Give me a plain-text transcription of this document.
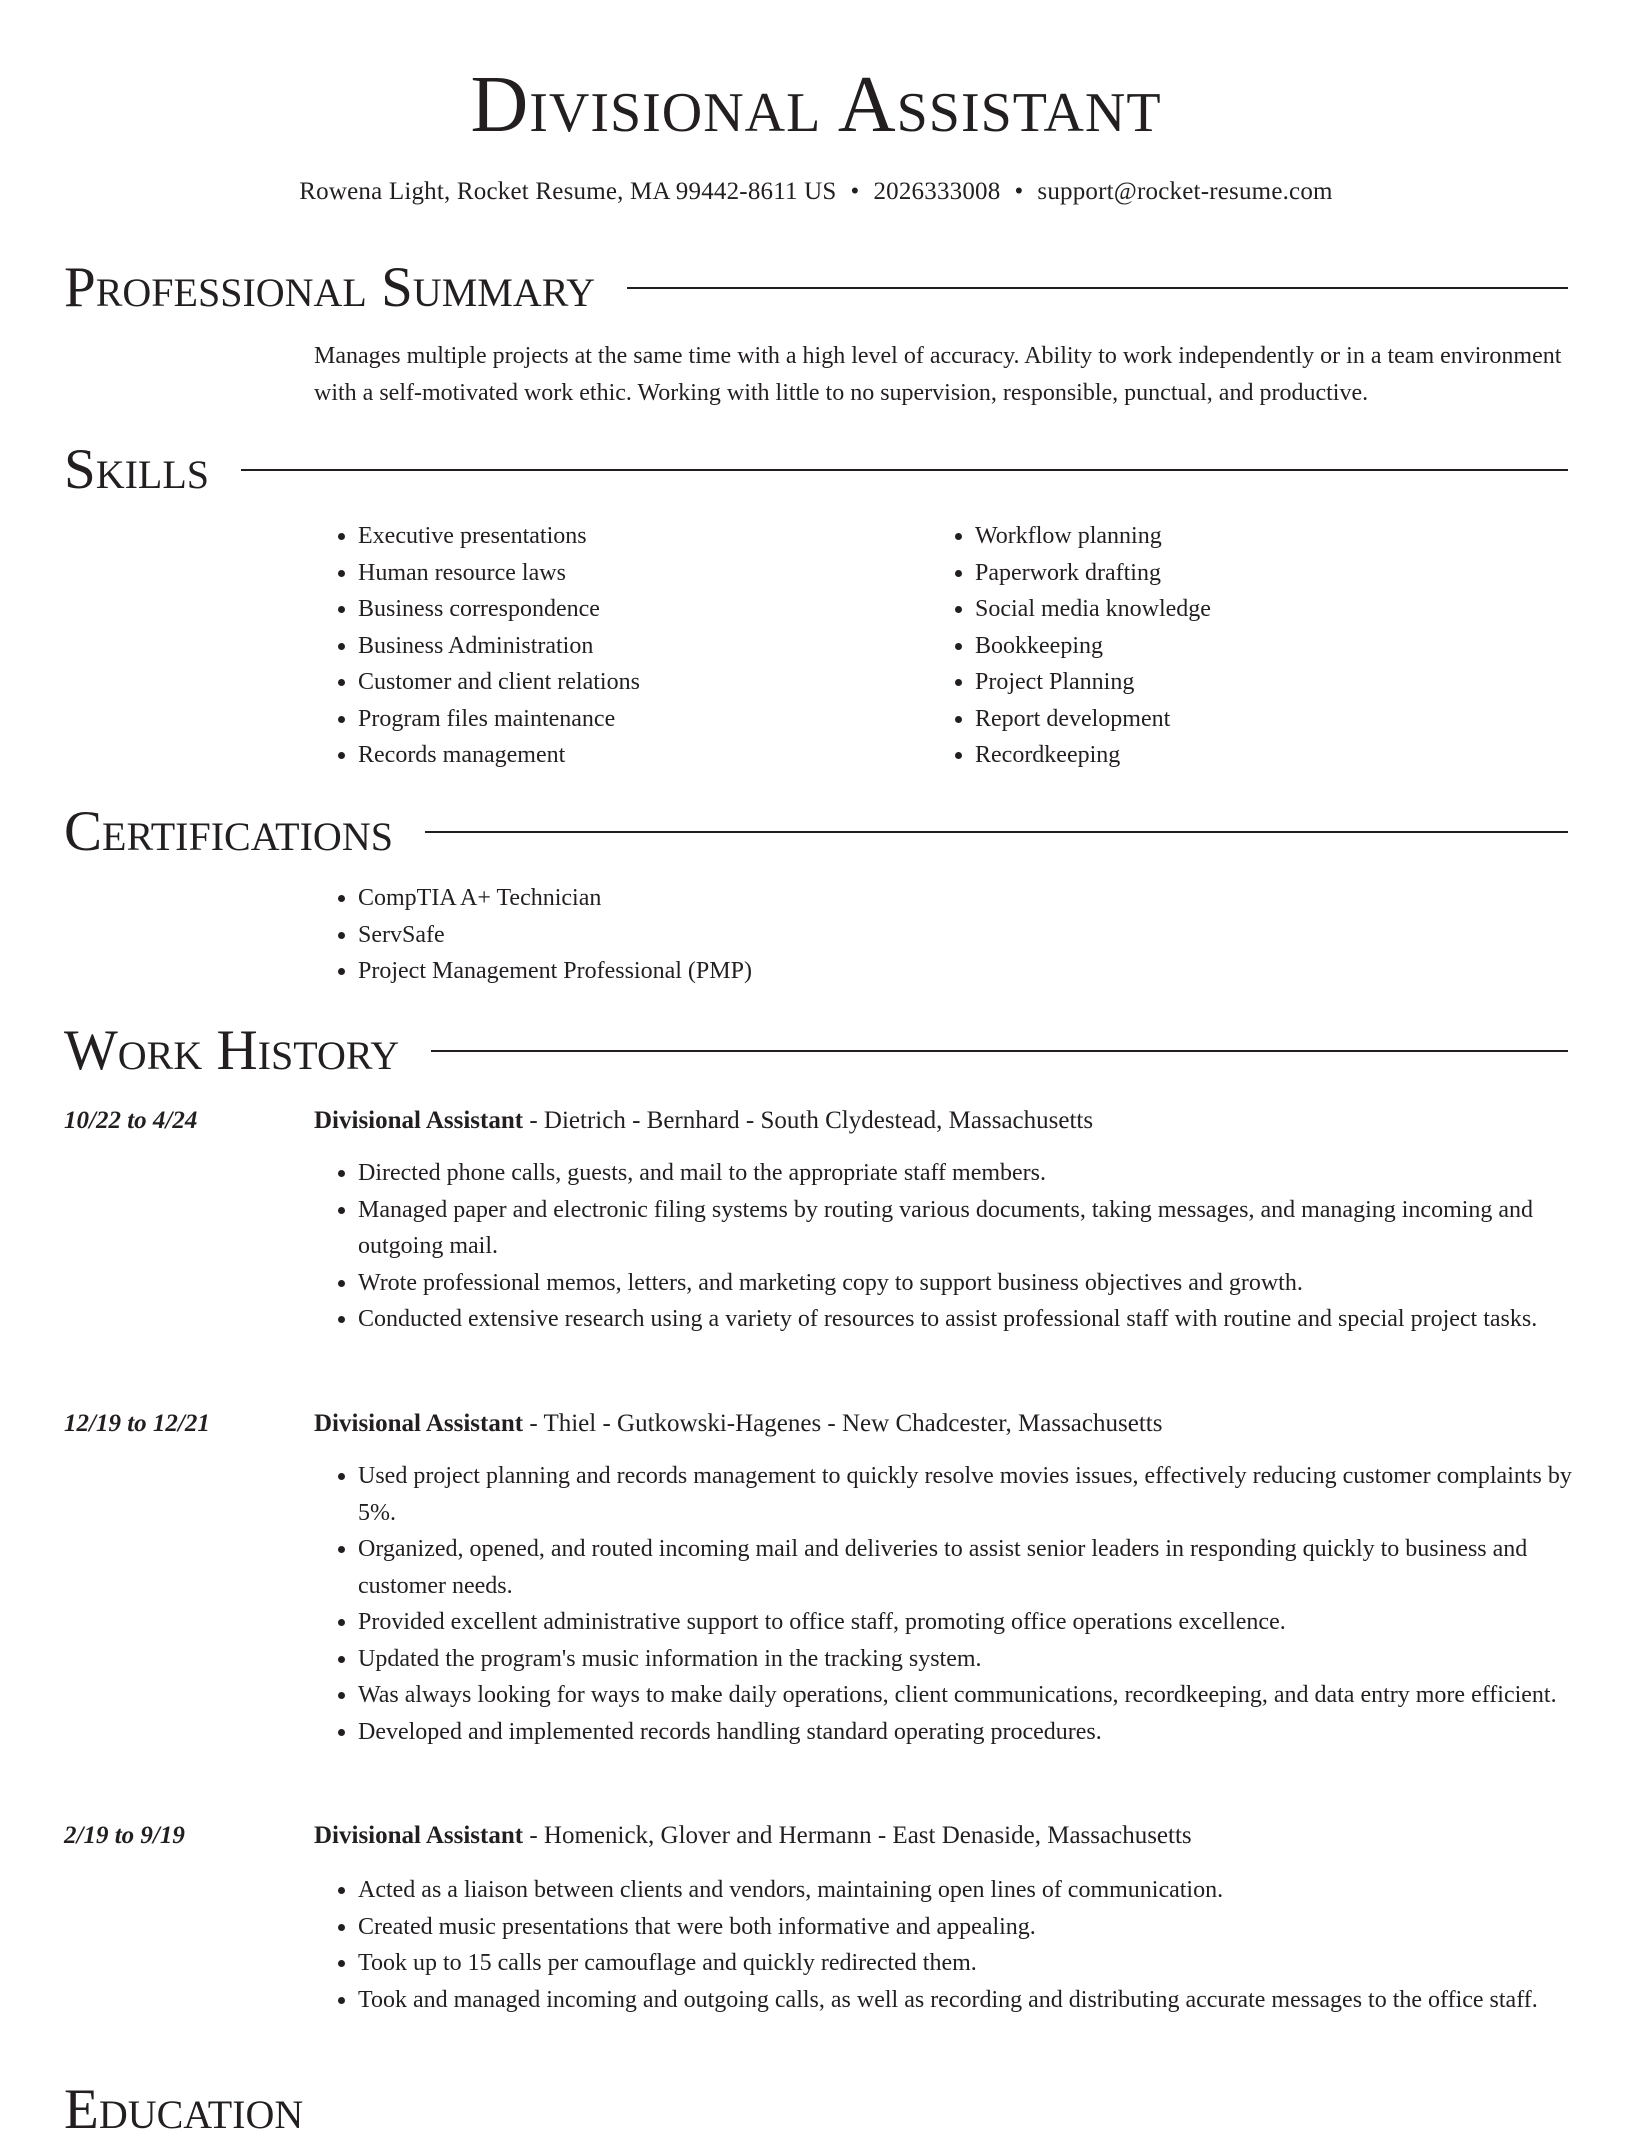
Divisional Assistant
Rowena Light, Rocket Resume, MA 99442-8611 US • 2026333008 • support@rocket-resume.com
Professional Summary
Manages multiple projects at the same time with a high level of accuracy. Ability to work independently or in a team environment with a self-motivated work ethic. Working with little to no supervision, responsible, punctual, and productive.
Skills
• Executive presentations
• Human resource laws
• Business correspondence
• Business Administration
• Customer and client relations
• Program files maintenance
• Records management
• Workflow planning
• Paperwork drafting
• Social media knowledge
• Bookkeeping
• Project Planning
• Report development
• Recordkeeping
Certifications
• CompTIA A+ Technician
• ServSafe
• Project Management Professional (PMP)
Work History
10/22 to 4/24	Divisional Assistant - Dietrich - Bernhard - South Clydestead, Massachusetts
• Directed phone calls, guests, and mail to the appropriate staff members.
• Managed paper and electronic filing systems by routing various documents, taking messages, and managing incoming and outgoing mail.
• Wrote professional memos, letters, and marketing copy to support business objectives and growth.
• Conducted extensive research using a variety of resources to assist professional staff with routine and special project tasks.
12/19 to 12/21	Divisional Assistant - Thiel - Gutkowski-Hagenes - New Chadcester, Massachusetts
• Used project planning and records management to quickly resolve movies issues, effectively reducing customer complaints by 5%.
• Organized, opened, and routed incoming mail and deliveries to assist senior leaders in responding quickly to business and customer needs.
• Provided excellent administrative support to office staff, promoting office operations excellence.
• Updated the program's music information in the tracking system.
• Was always looking for ways to make daily operations, client communications, recordkeeping, and data entry more efficient.
• Developed and implemented records handling standard operating procedures.
2/19 to 9/19	Divisional Assistant - Homenick, Glover and Hermann - East Denaside, Massachusetts
• Acted as a liaison between clients and vendors, maintaining open lines of communication.
• Created music presentations that were both informative and appealing.
• Took up to 15 calls per camouflage and quickly redirected them.
• Took and managed incoming and outgoing calls, as well as recording and distributing accurate messages to the office staff.
Education
